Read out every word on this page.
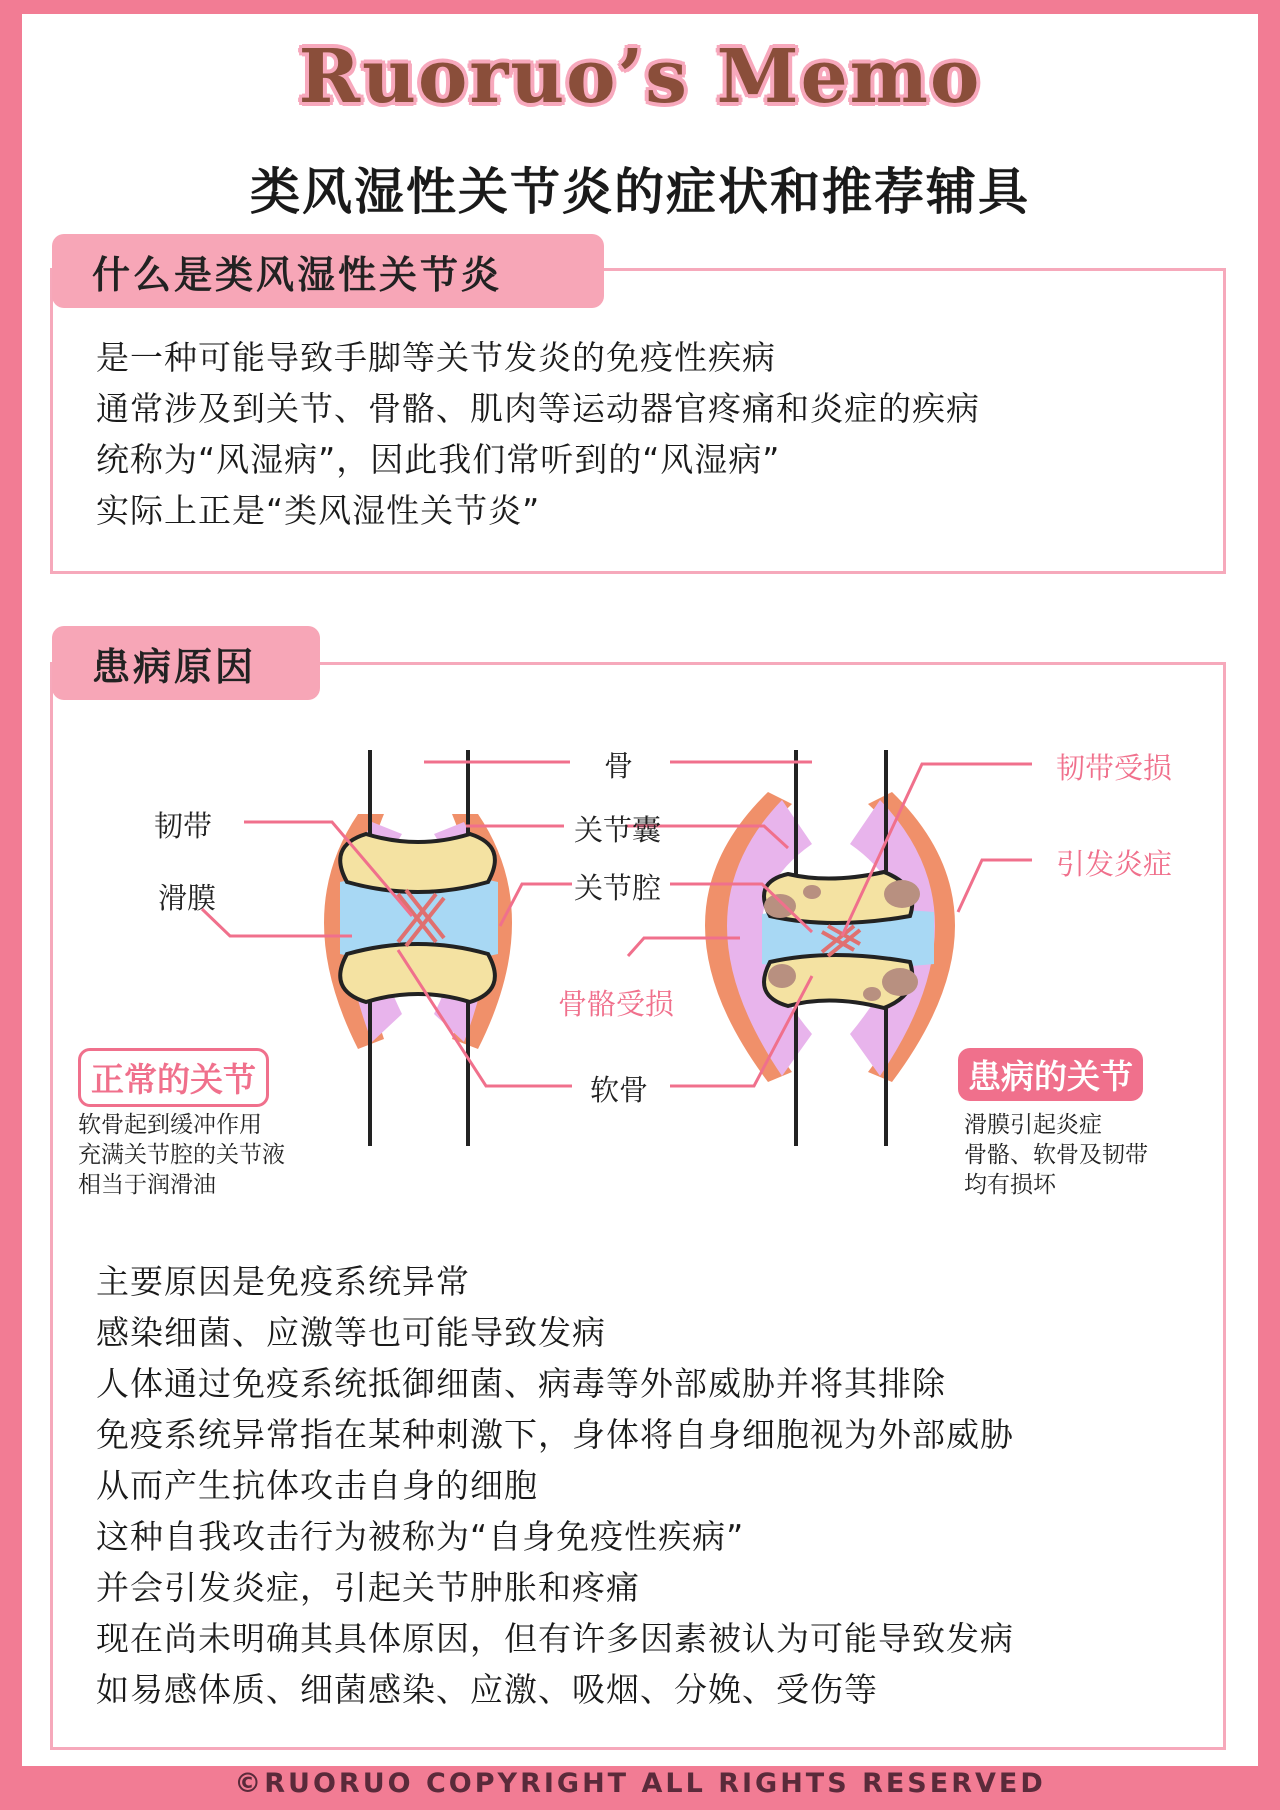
Ruoruo’s Memo
类风湿性关节炎的症状和推荐辅具
什么是类风湿性关节炎
是一种可能导致手脚等关节发炎的免疫性疾病
通常涉及到关节、骨骼、肌肉等运动器官疼痛和炎症的疾病
统称为“风湿病”，因此我们常听到的“风湿病”
实际上正是“类风湿性关节炎”
患病原因
骨
韧带
滑膜
关节囊
关节腔
骨骼受损
软骨
韧带受损
引发炎症
正常的关节
软骨起到缓冲作用
充满关节腔的关节液
相当于润滑油
患病的关节
滑膜引起炎症
骨骼、软骨及韧带
均有损坏
主要原因是免疫系统异常
感染细菌、应激等也可能导致发病
人体通过免疫系统抵御细菌、病毒等外部威胁并将其排除
免疫系统异常指在某种刺激下，身体将自身细胞视为外部威胁
从而产生抗体攻击自身的细胞
这种自我攻击行为被称为“自身免疫性疾病”
并会引发炎症，引起关节肿胀和疼痛
现在尚未明确其具体原因，但有许多因素被认为可能导致发病
如易感体质、细菌感染、应激、吸烟、分娩、受伤等
©RUORUO COPYRIGHT ALL RIGHTS RESERVED
